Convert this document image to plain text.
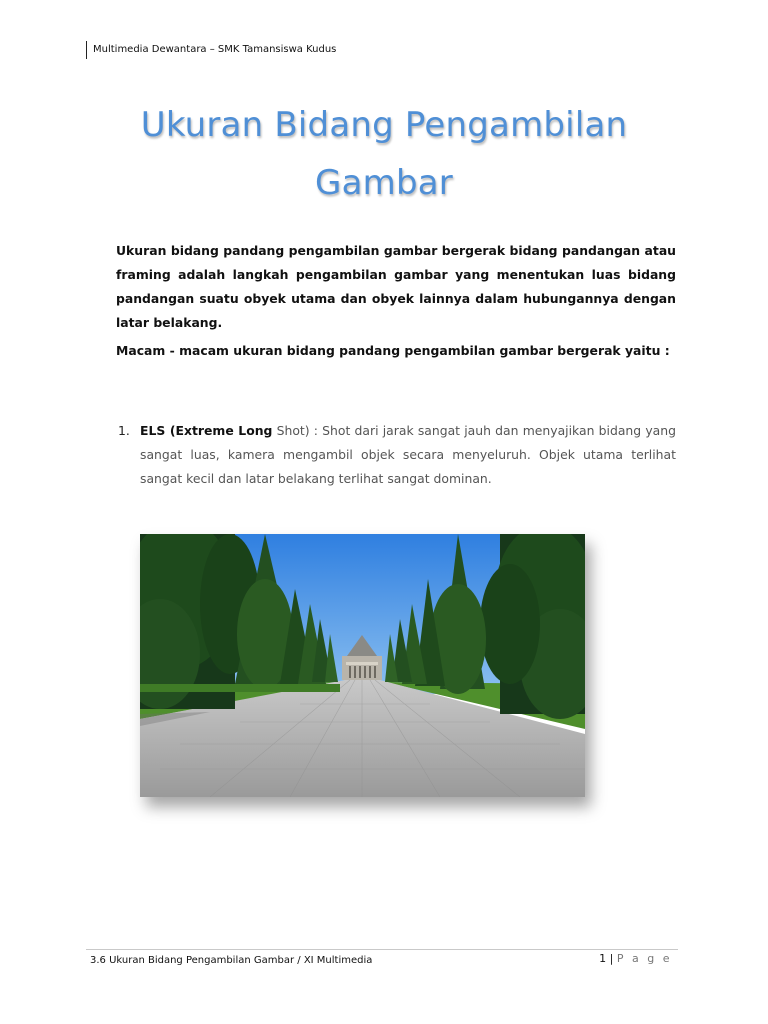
Multimedia Dewantara – SMK Tamansiswa Kudus
Ukuran Bidang Pengambilan
Gambar
Ukuran bidang pandang pengambilan gambar bergerak bidang pandangan atau framing adalah langkah pengambilan gambar yang menentukan luas bidang pandangan suatu obyek utama dan obyek lainnya dalam hubungannya dengan latar belakang.
Macam - macam ukuran bidang pandang pengambilan gambar bergerak yaitu :
1. ELS (Extreme Long Shot) : Shot dari jarak sangat jauh dan menyajikan bidang yang sangat luas, kamera mengambil objek secara menyeluruh. Objek utama terlihat sangat kecil dan latar belakang terlihat sangat dominan.
3.6 Ukuran Bidang Pengambilan Gambar / XI Multimedia	1 | P a g e
